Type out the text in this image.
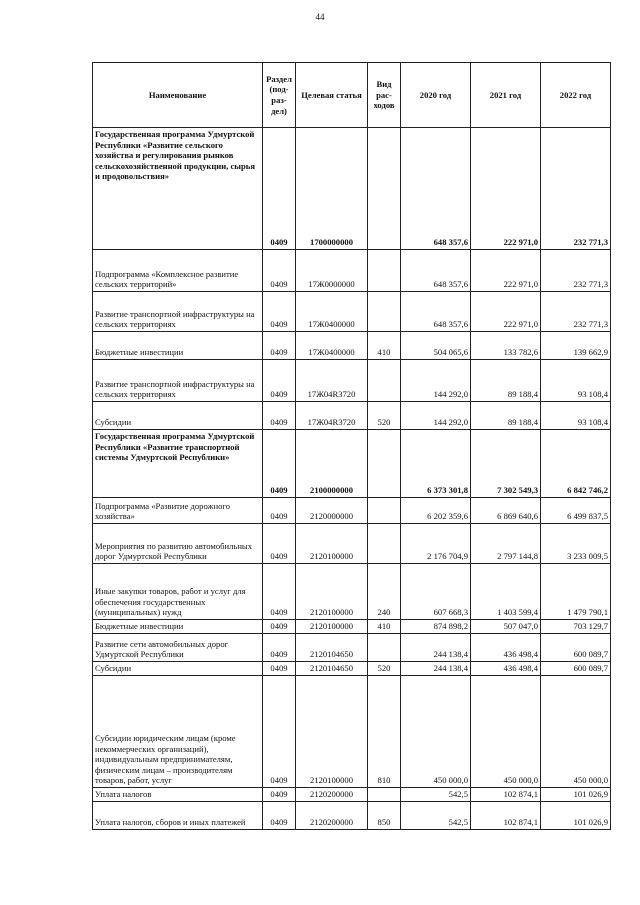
44
Наименование	Раздел (под-раз-дел)	Целевая статья	Вид рас-ходов	2020 год	2021 год	2022 год
Государственная программа Удмуртской Республики «Развитие сельского хозяйства и регулирования рынков сельскохозяйственной продукции, сырья и продовольствия»	0409	1700000000		648 357,6	222 971,0	232 771,3
Подпрограмма «Комплексное развитие сельских территорий»	0409	17Ж0000000		648 357,6	222 971,0	232 771,3
Развитие транспортной инфраструктуры на сельских территориях	0409	17Ж0400000		648 357,6	222 971,0	232 771,3
Бюджетные инвестиции	0409	17Ж0400000	410	504 065,6	133 782,6	139 662,9
Развитие транспортной инфраструктуры на сельских территориях	0409	17Ж04R3720		144 292,0	89 188,4	93 108,4
Субсидии	0409	17Ж04R3720	520	144 292,0	89 188,4	93 108,4
Государственная программа Удмуртской Республики «Развитие транспортной системы Удмуртской Республики»	0409	2100000000		6 373 301,8	7 302 549,3	6 842 746,2
Подпрограмма «Развитие дорожного хозяйства»	0409	2120000000		6 202 359,6	6 869 640,6	6 499 837,5
Мероприятия по развитию автомобильных дорог Удмуртской Республики	0409	2120100000		2 176 704,9	2 797 144,8	3 233 009,5
Иные закупки товаров, работ и услуг для обеспечения государственных (муниципальных) нужд	0409	2120100000	240	607 668,3	1 403 599,4	1 479 790,1
Бюджетные инвестиции	0409	2120100000	410	874 898,2	507 047,0	703 129,7
Развитие сети автомобильных дорог Удмуртской Республики	0409	2120104650		244 138,4	436 498,4	600 089,7
Субсидии	0409	2120104650	520	244 138,4	436 498,4	600 089,7
Субсидии юридическим лицам (кроме некоммерческих организаций), индивидуальным предпринимателям, физическим лицам – производителям товаров, работ, услуг	0409	2120100000	810	450 000,0	450 000,0	450 000,0
Уплата налогов	0409	2120200000		542,5	102 874,1	101 026,9
Уплата налогов, сборов и иных платежей	0409	2120200000	850	542,5	102 874,1	101 026,9
